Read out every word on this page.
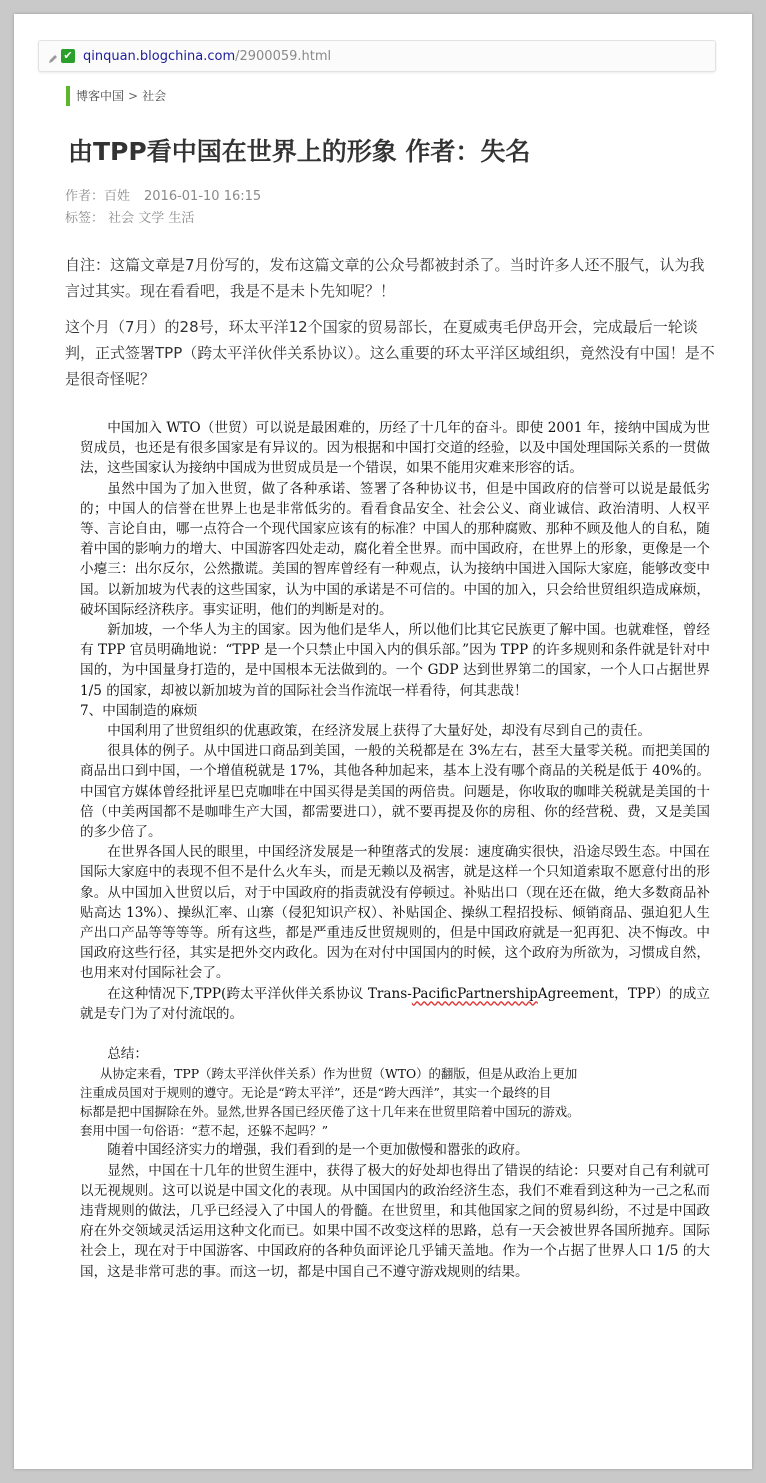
✔ qinquan.blogchina.com/2900059.html
博客中国 > 社会
由TPP看中国在世界上的形象 作者：失名
作者：百姓 2016-01-10 16:15
标签： 社会 文学 生活
自注：这篇文章是7月份写的，发布这篇文章的公众号都被封杀了。当时许多人还不服气，认为我言过其实。现在看看吧，我是不是未卜先知呢？！
这个月（7月）的28号，环太平洋12个国家的贸易部长，在夏威夷毛伊岛开会，完成最后一轮谈判，正式签署TPP（跨太平洋伙伴关系协议）。这么重要的环太平洋区域组织，竟然没有中国！是不是很奇怪呢？

中国加入 WTO（世贸）可以说是最困难的，历经了十几年的奋斗。即使 2001 年，接纳中国成为世贸成员，也还是有很多国家是有异议的。因为根据和中国打交道的经验，以及中国处理国际关系的一贯做法，这些国家认为接纳中国成为世贸成员是一个错误，如果不能用灾难来形容的话。

虽然中国为了加入世贸，做了各种承诺、签署了各种协议书，但是中国政府的信誉可以说是最低劣的；中国人的信誉在世界上也是非常低劣的。看看食品安全、社会公义、商业诚信、政治清明、人权平等、言论自由，哪一点符合一个现代国家应该有的标准？中国人的那种腐败、那种不顾及他人的自私，随着中国的影响力的增大、中国游客四处走动，腐化着全世界。而中国政府，在世界上的形象，更像是一个小瘪三：出尔反尔，公然撒谎。美国的智库曾经有一种观点，认为接纳中国进入国际大家庭，能够改变中国。以新加坡为代表的这些国家，认为中国的承诺是不可信的。中国的加入，只会给世贸组织造成麻烦，破坏国际经济秩序。事实证明，他们的判断是对的。

新加坡，一个华人为主的国家。因为他们是华人，所以他们比其它民族更了解中国。也就难怪，曾经有 TPP 官员明确地说：“TPP 是一个只禁止中国入内的俱乐部。”因为 TPP 的许多规则和条件就是针对中国的，为中国量身打造的，是中国根本无法做到的。一个 GDP 达到世界第二的国家，一个人口占据世界 1/5 的国家，却被以新加坡为首的国际社会当作流氓一样看待，何其悲哉！

7、中国制造的麻烦

中国利用了世贸组织的优惠政策，在经济发展上获得了大量好处，却没有尽到自己的责任。

很具体的例子。从中国进口商品到美国，一般的关税都是在 3%左右，甚至大量零关税。而把美国的商品出口到中国，一个增值税就是 17%，其他各种加起来，基本上没有哪个商品的关税是低于 40%的。中国官方媒体曾经批评星巴克咖啡在中国买得是美国的两倍贵。问题是，你收取的咖啡关税就是美国的十倍（中美两国都不是咖啡生产大国，都需要进口），就不要再提及你的房租、你的经营税、费，又是美国的多少倍了。

在世界各国人民的眼里，中国经济发展是一种堕落式的发展：速度确实很快，沿途尽毁生态。中国在国际大家庭中的表现不但不是什么火车头，而是无赖以及祸害，就是这样一个只知道索取不愿意付出的形象。从中国加入世贸以后，对于中国政府的指责就没有停顿过。补贴出口（现在还在做，绝大多数商品补贴高达 13%）、操纵汇率、山寨（侵犯知识产权）、补贴国企、操纵工程招投标、倾销商品、强迫犯人生产出口产品等等等等。所有这些，都是严重违反世贸规则的，但是中国政府就是一犯再犯、决不悔改。中国政府这些行径，其实是把外交内政化。因为在对付中国国内的时候，这个政府为所欲为，习惯成自然，也用来对付国际社会了。

在这种情况下,TPP(跨太平洋伙伴关系协议 Trans-PacificPartnershipAgreement，TPP）的成立就是专门为了对付流氓的。

总结：

从协定来看，TPP（跨太平洋伙伴关系）作为世贸（WTO）的翻版，但是从政治上更加

注重成员国对于规则的遵守。无论是“跨太平洋”，还是“跨大西洋”，其实一个最终的目

标都是把中国摒除在外。显然,世界各国已经厌倦了这十几年来在世贸里陪着中国玩的游戏。

套用中国一句俗语：“惹不起，还躲不起吗？”

随着中国经济实力的增强，我们看到的是一个更加傲慢和嚣张的政府。

显然，中国在十几年的世贸生涯中，获得了极大的好处却也得出了错误的结论：只要对自己有利就可以无视规则。这可以说是中国文化的表现。从中国国内的政治经济生态，我们不难看到这种为一己之私而违背规则的做法，几乎已经浸入了中国人的骨髓。在世贸里，和其他国家之间的贸易纠纷，不过是中国政府在外交领域灵活运用这种文化而已。如果中国不改变这样的思路，总有一天会被世界各国所抛弃。国际社会上，现在对于中国游客、中国政府的各种负面评论几乎铺天盖地。作为一个占据了世界人口 1/5 的大国，这是非常可悲的事。而这一切，都是中国自己不遵守游戏规则的结果。
